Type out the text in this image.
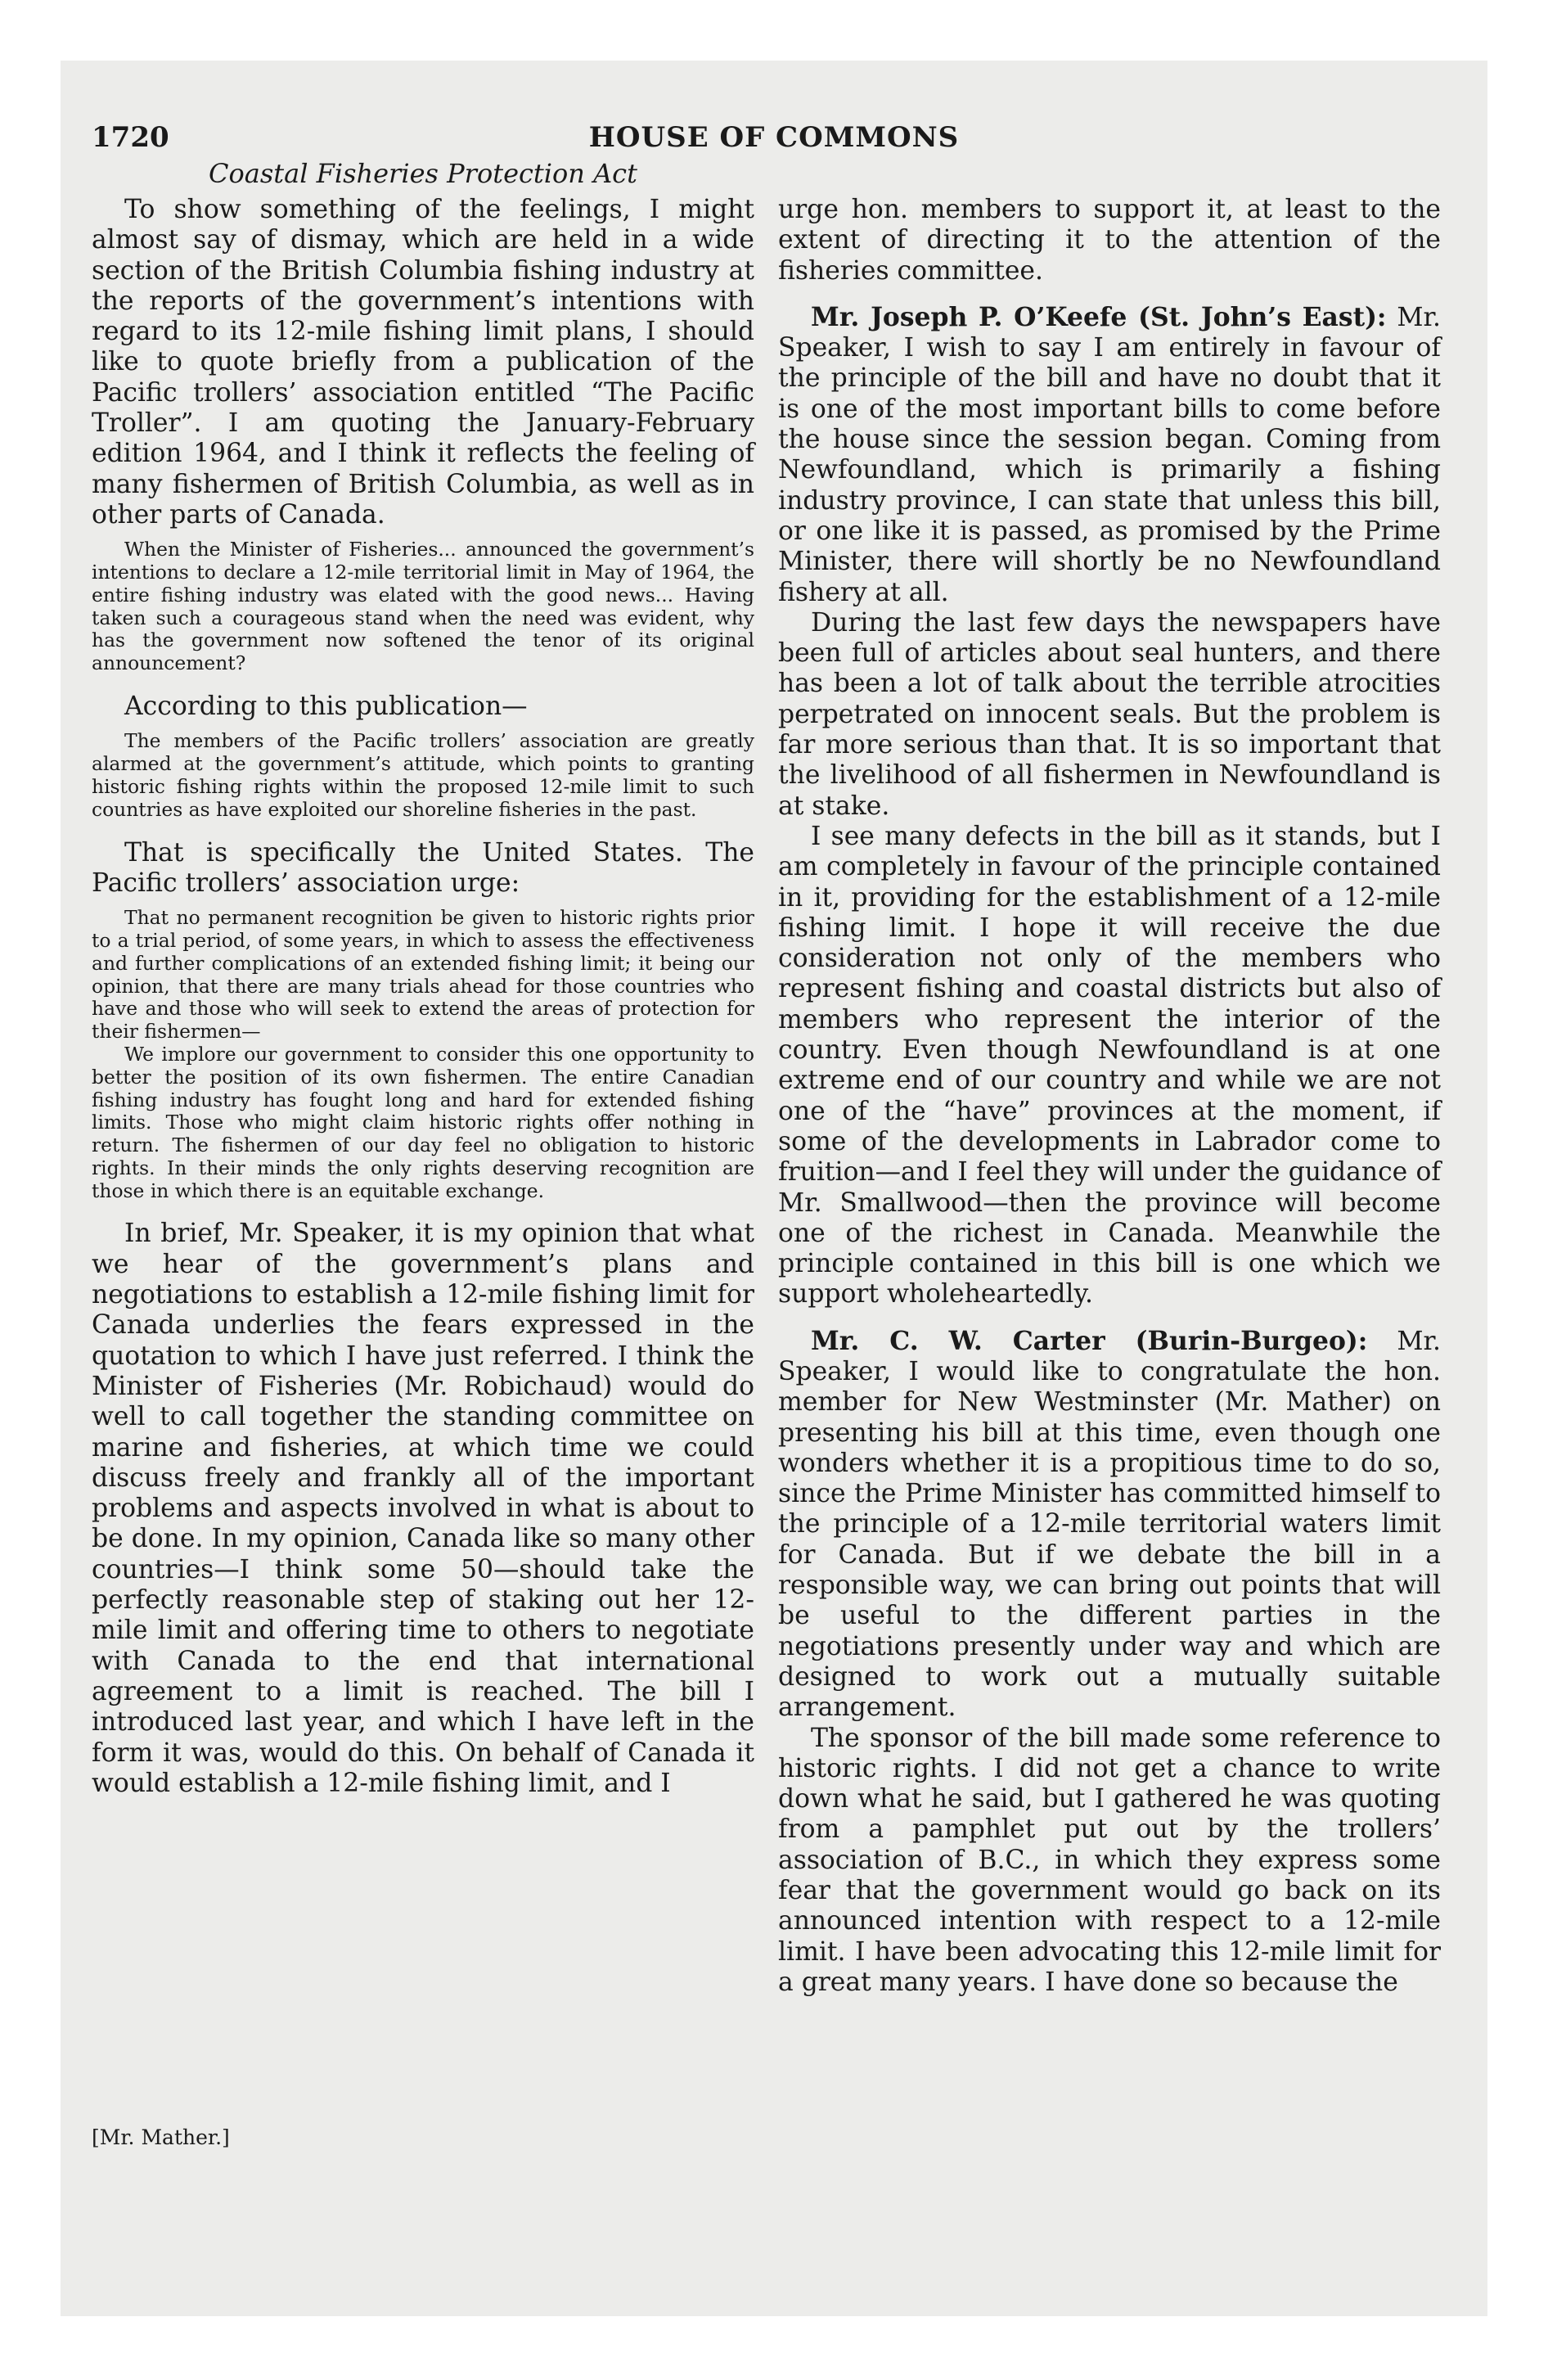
1720	HOUSE OF COMMONS
Coastal Fisheries Protection Act

To show something of the feelings, I might almost say of dismay, which are held in a wide section of the British Columbia fishing industry at the reports of the government’s intentions with regard to its 12-mile fishing limit plans, I should like to quote briefly from a publication of the Pacific trollers’ association entitled “The Pacific Troller”. I am quoting the January-February edition 1964, and I think it reflects the feeling of many fishermen of British Columbia, as well as in other parts of Canada.

When the Minister of Fisheries... announced the government’s intentions to declare a 12-mile territorial limit in May of 1964, the entire fishing industry was elated with the good news... Having taken such a courageous stand when the need was evident, why has the government now softened the tenor of its original announcement?

According to this publication—

The members of the Pacific trollers’ association are greatly alarmed at the government’s attitude, which points to granting historic fishing rights within the proposed 12-mile limit to such countries as have exploited our shoreline fisheries in the past.

That is specifically the United States. The Pacific trollers’ association urge:

That no permanent recognition be given to historic rights prior to a trial period, of some years, in which to assess the effectiveness and further complications of an extended fishing limit; it being our opinion, that there are many trials ahead for those countries who have and those who will seek to extend the areas of protection for their fishermen—

We implore our government to consider this one opportunity to better the position of its own fishermen. The entire Canadian fishing industry has fought long and hard for extended fishing limits. Those who might claim historic rights offer nothing in return. The fishermen of our day feel no obligation to historic rights. In their minds the only rights deserving recognition are those in which there is an equitable exchange.

In brief, Mr. Speaker, it is my opinion that what we hear of the government’s plans and negotiations to establish a 12-mile fishing limit for Canada underlies the fears expressed in the quotation to which I have just referred. I think the Minister of Fisheries (Mr. Robichaud) would do well to call together the standing committee on marine and fisheries, at which time we could discuss freely and frankly all of the important problems and aspects involved in what is about to be done. In my opinion, Canada like so many other countries—I think some 50—should take the perfectly reasonable step of staking out her 12-mile limit and offering time to others to negotiate with Canada to the end that international agreement to a limit is reached. The bill I introduced last year, and which I have left in the form it was, would do this. On behalf of Canada it would establish a 12-mile fishing limit, and I

urge hon. members to support it, at least to the extent of directing it to the attention of the fisheries committee.

Mr. Joseph P. O’Keefe (St. John’s East): Mr. Speaker, I wish to say I am entirely in favour of the principle of the bill and have no doubt that it is one of the most important bills to come before the house since the session began. Coming from Newfoundland, which is primarily a fishing industry province, I can state that unless this bill, or one like it is passed, as promised by the Prime Minister, there will shortly be no Newfoundland fishery at all.

During the last few days the newspapers have been full of articles about seal hunters, and there has been a lot of talk about the terrible atrocities perpetrated on innocent seals. But the problem is far more serious than that. It is so important that the livelihood of all fishermen in Newfoundland is at stake.

I see many defects in the bill as it stands, but I am completely in favour of the principle contained in it, providing for the establishment of a 12-mile fishing limit. I hope it will receive the due consideration not only of the members who represent fishing and coastal districts but also of members who represent the interior of the country. Even though Newfoundland is at one extreme end of our country and while we are not one of the “have” provinces at the moment, if some of the developments in Labrador come to fruition—and I feel they will under the guidance of Mr. Smallwood—then the province will become one of the richest in Canada. Meanwhile the principle contained in this bill is one which we support wholeheartedly.

Mr. C. W. Carter (Burin-Burgeo): Mr. Speaker, I would like to congratulate the hon. member for New Westminster (Mr. Mather) on presenting his bill at this time, even though one wonders whether it is a propitious time to do so, since the Prime Minister has committed himself to the principle of a 12-mile territorial waters limit for Canada. But if we debate the bill in a responsible way, we can bring out points that will be useful to the different parties in the negotiations presently under way and which are designed to work out a mutually suitable arrangement.

The sponsor of the bill made some reference to historic rights. I did not get a chance to write down what he said, but I gathered he was quoting from a pamphlet put out by the trollers’ association of B.C., in which they express some fear that the government would go back on its announced intention with respect to a 12-mile limit. I have been advocating this 12-mile limit for a great many years. I have done so because the

[Mr. Mather.]
